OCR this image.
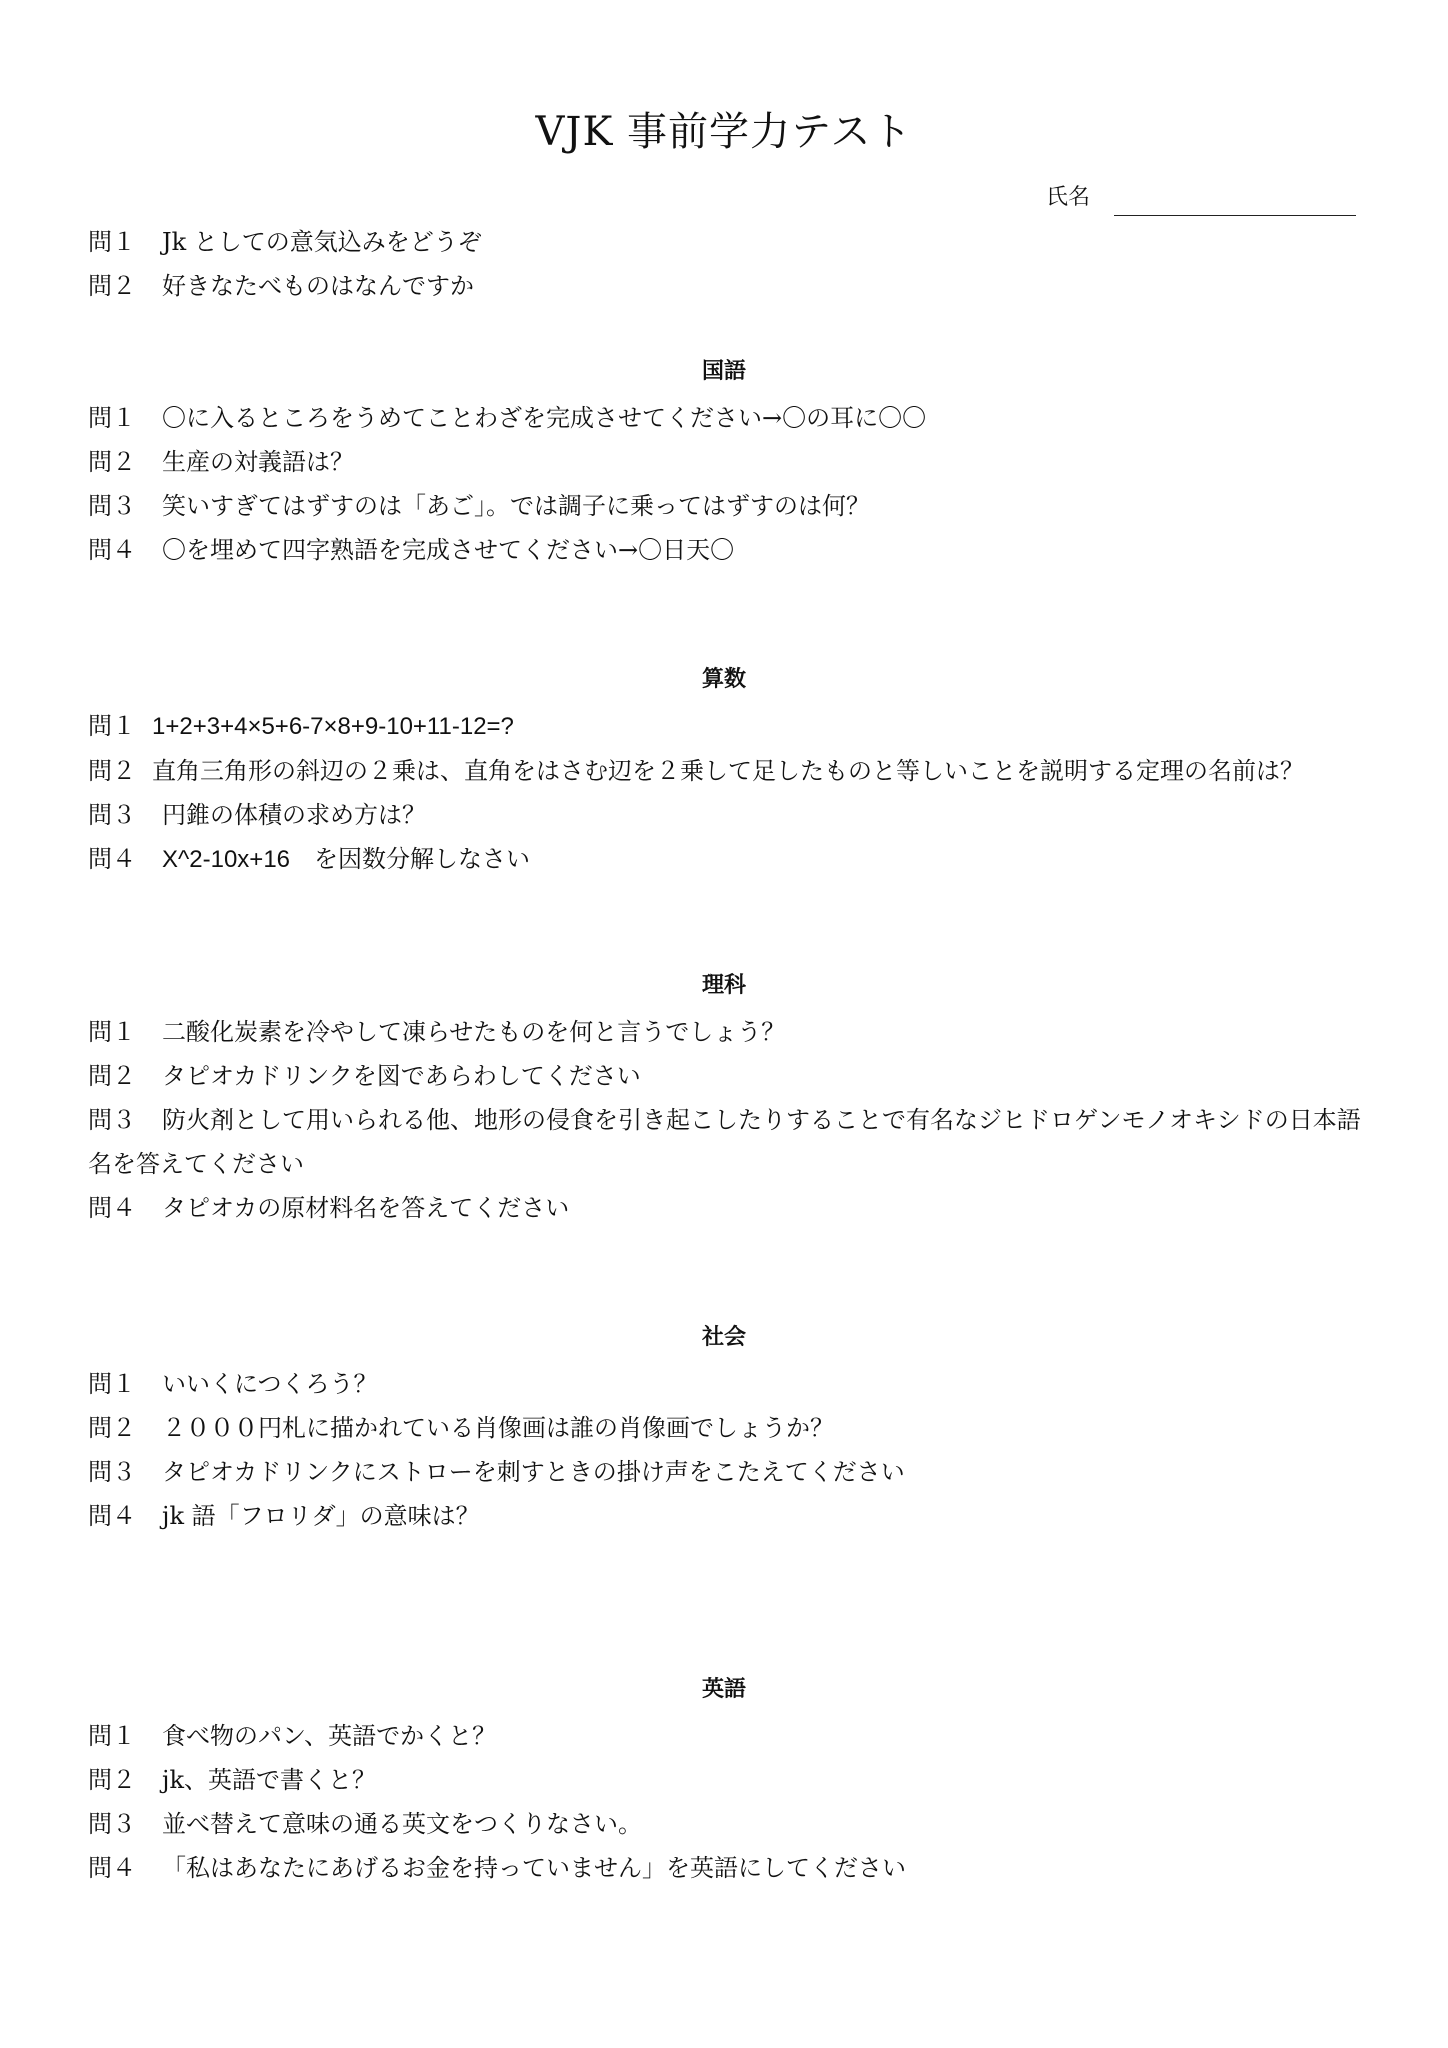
VJK 事前学力テスト
氏名
問１ Jk としての意気込みをどうぞ
問２ 好きなたべものはなんですか
国語
問１ 〇に入るところをうめてことわざを完成させてください→〇の耳に〇〇
問２ 生産の対義語は？
問３ 笑いすぎてはずすのは「あご」。では調子に乗ってはずすのは何？
問４ 〇を埋めて四字熟語を完成させてください→〇日天〇
算数
問１ 1+2+3+4×5+6-7×8+9-10+11-12=?
問２ 直角三角形の斜辺の２乗は、直角をはさむ辺を２乗して足したものと等しいことを説明する定理の名前は？
問３ 円錐の体積の求め方は？
問４ X^2-10x+16　を因数分解しなさい
理科
問１ 二酸化炭素を冷やして凍らせたものを何と言うでしょう？
問２ タピオカドリンクを図であらわしてください
問３ 防火剤として用いられる他、地形の侵食を引き起こしたりすることで有名なジヒドロゲンモノオキシドの日本語名を答えてください
問４ タピオカの原材料名を答えてください
社会
問１ いいくにつくろう？
問２ ２０００円札に描かれている肖像画は誰の肖像画でしょうか？
問３ タピオカドリンクにストローを刺すときの掛け声をこたえてください
問４ jk 語「フロリダ」の意味は？
英語
問１ 食べ物のパン、英語でかくと？
問２ jk、英語で書くと？
問３ 並べ替えて意味の通る英文をつくりなさい。
問４ 「私はあなたにあげるお金を持っていません」を英語にしてください
